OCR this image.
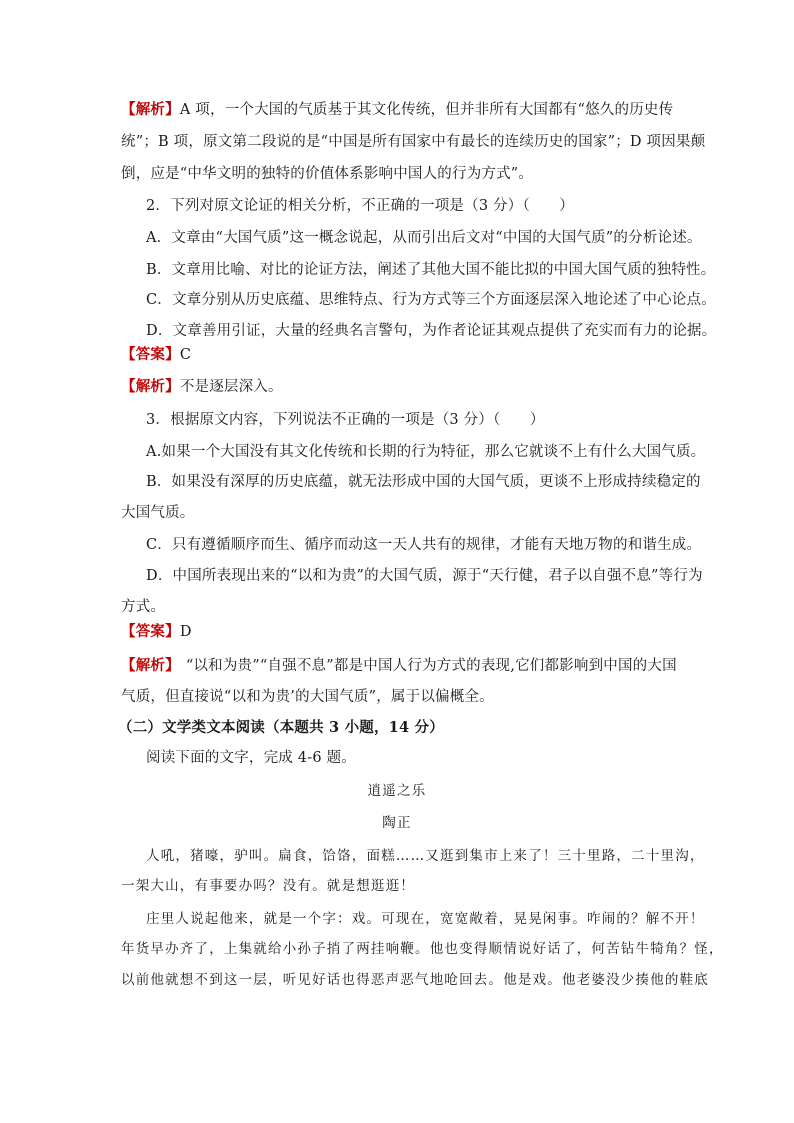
【解析】A 项，一个大国的气质基于其文化传统，但并非所有大国都有“悠久的历史传
统”；B 项，原文第二段说的是“中国是所有国家中有最长的连续历史的国家”；D 项因果颠
倒，应是“中华文明的独特的价值体系影响中国人的行为方式”。
2．下列对原文论证的相关分析，不正确的一项是（3 分）（　　）
A．文章由“大国气质”这一概念说起，从而引出后文对“中国的大国气质”的分析论述。
B．文章用比喻、对比的论证方法，阐述了其他大国不能比拟的中国大国气质的独特性。
C．文章分别从历史底蕴、思维特点、行为方式等三个方面逐层深入地论述了中心论点。
D．文章善用引证，大量的经典名言警句，为作者论证其观点提供了充实而有力的论据。
【答案】C
【解析】不是逐层深入。
3．根据原文内容，下列说法不正确的一项是（3 分）（　　）
A.如果一个大国没有其文化传统和长期的行为特征，那么它就谈不上有什么大国气质。
B．如果没有深厚的历史底蕴，就无法形成中国的大国气质，更谈不上形成持续稳定的
大国气质。
C．只有遵循顺序而生、循序而动这一天人共有的规律，才能有天地万物的和谐生成。
D．中国所表现出来的“以和为贵”的大国气质，源于“天行健，君子以自强不息”等行为
方式。
【答案】D
【解析】 “以和为贵”“自强不息”都是中国人行为方式的表现,它们都影响到中国的大国
气质，但直接说“以和为贵’的大国气质”，属于以偏概全。
（二）文学类文本阅读（本题共 3 小题，14 分）
阅读下面的文字，完成 4-6 题。
逍遥之乐
陶正
人吼，猪嚎，驴叫。扁食，饸饹，面糕……又逛到集市上来了！三十里路，二十里沟，
一架大山，有事要办吗？没有。就是想逛逛！
庄里人说起他来，就是一个字：戏。可现在，宽宽敞着，晃晃闲事。咋闹的？解不开！
年货早办齐了，上集就给小孙子捎了两挂响鞭。他也变得顺情说好话了，何苦钻牛犄角？怪，
以前他就想不到这一层，听见好话也得恶声恶气地呛回去。他是戏。他老婆没少揍他的鞋底
